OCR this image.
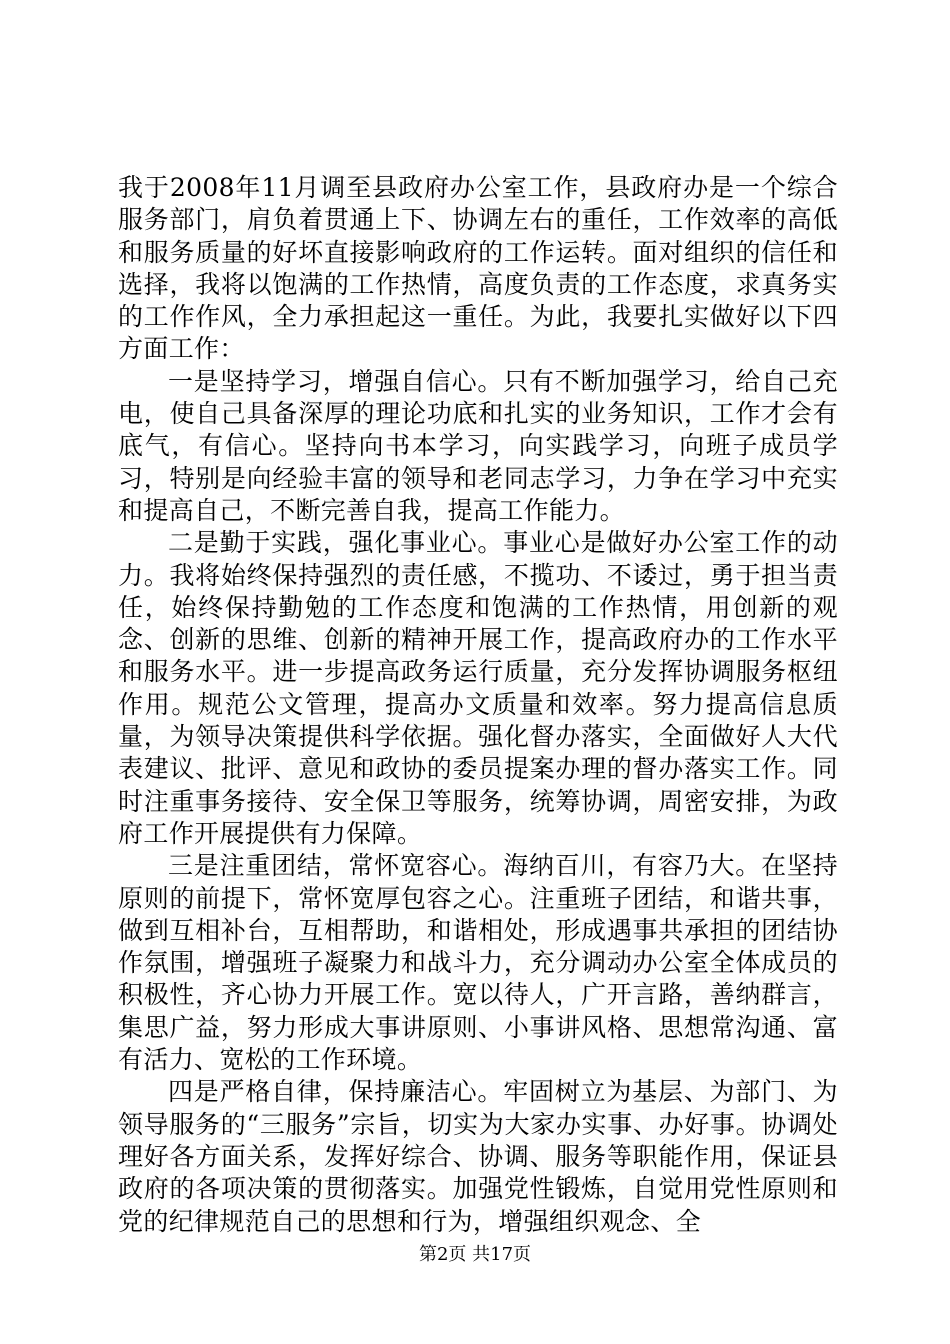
我于2008年11月调至县政府办公室工作，县政府办是一个综合服务部门，肩负着贯通上下、协调左右的重任，工作效率的高低和服务质量的好坏直接影响政府的工作运转。面对组织的信任和选择，我将以饱满的工作热情，高度负责的工作态度，求真务实的工作作风，全力承担起这一重任。为此，我要扎实做好以下四方面工作：

一是坚持学习，增强自信心。只有不断加强学习，给自己充电，使自己具备深厚的理论功底和扎实的业务知识，工作才会有底气，有信心。坚持向书本学习，向实践学习，向班子成员学习，特别是向经验丰富的领导和老同志学习，力争在学习中充实和提高自己，不断完善自我，提高工作能力。

二是勤于实践，强化事业心。事业心是做好办公室工作的动力。我将始终保持强烈的责任感，不揽功、不诿过，勇于担当责任，始终保持勤勉的工作态度和饱满的工作热情，用创新的观念、创新的思维、创新的精神开展工作，提高政府办的工作水平和服务水平。进一步提高政务运行质量，充分发挥协调服务枢纽作用。规范公文管理，提高办文质量和效率。努力提高信息质量，为领导决策提供科学依据。强化督办落实，全面做好人大代表建议、批评、意见和政协的委员提案办理的督办落实工作。同时注重事务接待、安全保卫等服务，统筹协调，周密安排，为政府工作开展提供有力保障。

三是注重团结，常怀宽容心。海纳百川，有容乃大。在坚持原则的前提下，常怀宽厚包容之心。注重班子团结，和谐共事，做到互相补台，互相帮助，和谐相处，形成遇事共承担的团结协作氛围，增强班子凝聚力和战斗力，充分调动办公室全体成员的积极性，齐心协力开展工作。宽以待人，广开言路，善纳群言，集思广益，努力形成大事讲原则、小事讲风格、思想常沟通、富有活力、宽松的工作环境。

四是严格自律，保持廉洁心。牢固树立为基层、为部门、为领导服务的“三服务”宗旨，切实为大家办实事、办好事。协调处理好各方面关系，发挥好综合、协调、服务等职能作用，保证县政府的各项决策的贯彻落实。加强党性锻炼，自觉用党性原则和党的纪律规范自己的思想和行为，增强组织观念、全

第2页 共17页
